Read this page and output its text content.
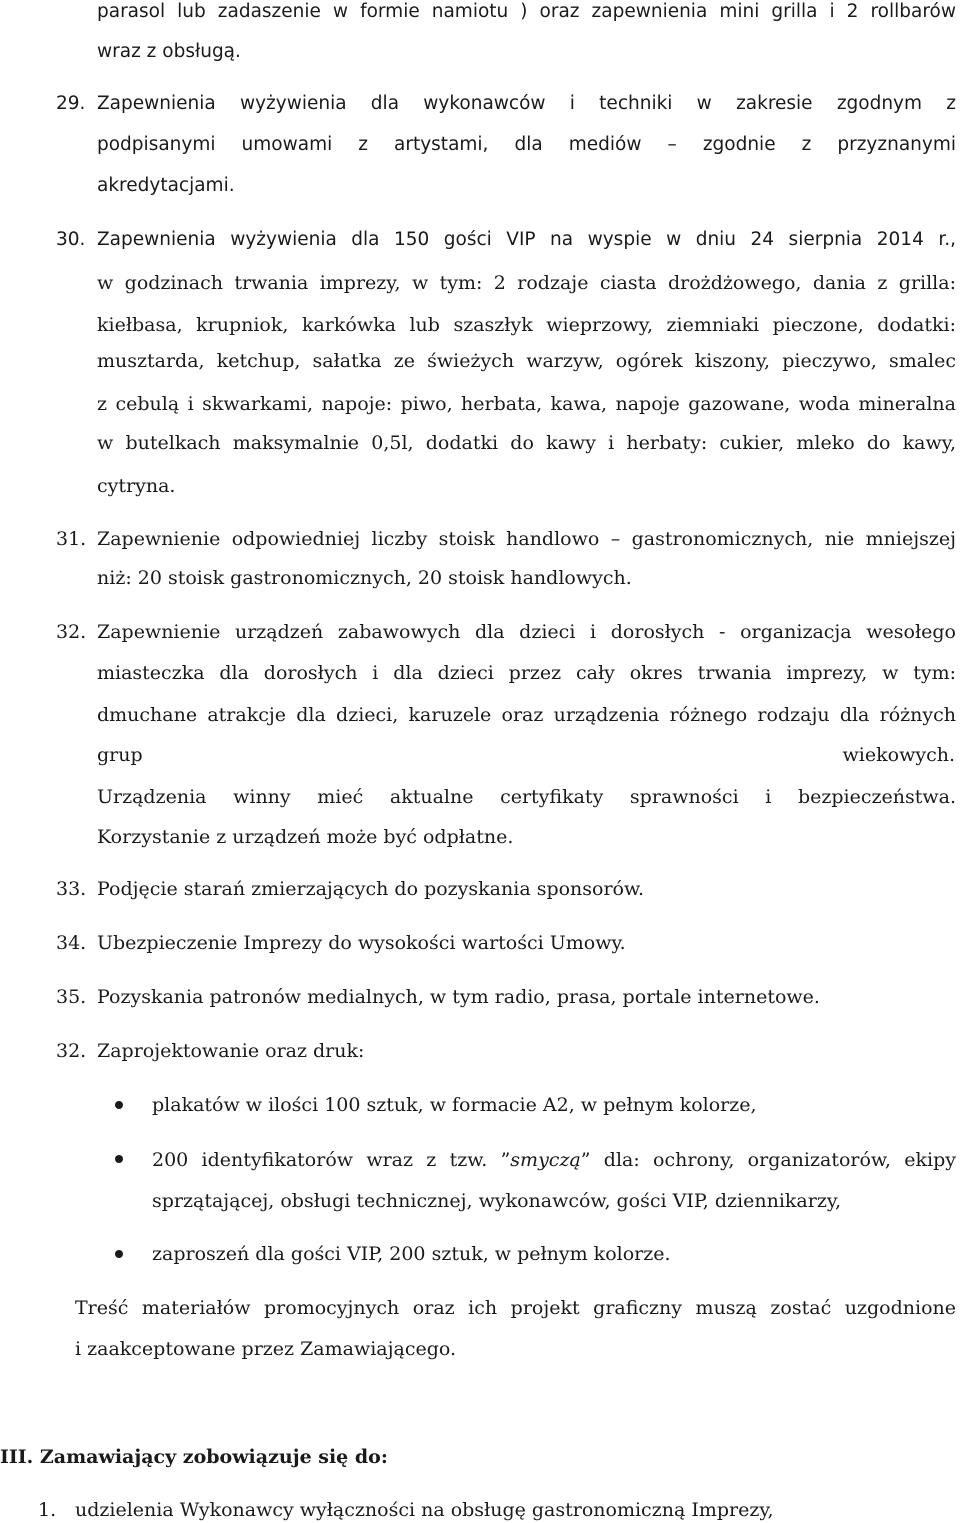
parasol lub zadaszenie w formie namiotu ) oraz zapewnienia mini grilla i 2 rollbarów
wraz z obsługą.
29. Zapewnienia wyżywienia dla wykonawców i techniki w zakresie zgodnym z
podpisanymi umowami z artystami, dla mediów – zgodnie z przyznanymi
akredytacjami.
30. Zapewnienia wyżywienia dla 150 gości VIP na wyspie w dniu 24 sierpnia 2014 r.,
w godzinach trwania imprezy, w tym: 2 rodzaje ciasta drożdżowego, dania z grilla:
kiełbasa, krupniok, karkówka lub szaszłyk wieprzowy, ziemniaki pieczone, dodatki:
musztarda, ketchup, sałatka ze świeżych warzyw, ogórek kiszony, pieczywo, smalec
z cebulą i skwarkami, napoje: piwo, herbata, kawa, napoje gazowane, woda mineralna
w butelkach maksymalnie 0,5l, dodatki do kawy i herbaty: cukier, mleko do kawy,
cytryna.
31. Zapewnienie odpowiedniej liczby stoisk handlowo – gastronomicznych, nie mniejszej
niż: 20 stoisk gastronomicznych, 20 stoisk handlowych.
32. Zapewnienie urządzeń zabawowych dla dzieci i dorosłych - organizacja wesołego
miasteczka dla dorosłych i dla dzieci przez cały okres trwania imprezy, w tym:
dmuchane atrakcje dla dzieci, karuzele oraz urządzenia różnego rodzaju dla różnych
grup	wiekowych.
Urządzenia winny mieć aktualne certyfikaty sprawności i bezpieczeństwa.
Korzystanie z urządzeń może być odpłatne.
33. Podjęcie starań zmierzających do pozyskania sponsorów.
34. Ubezpieczenie Imprezy do wysokości wartości Umowy.
35. Pozyskania patronów medialnych, w tym radio, prasa, portale internetowe.
32. Zaprojektowanie oraz druk:
plakatów w ilości 100 sztuk, w formacie A2, w pełnym kolorze,
200 identyfikatorów wraz z tzw. ”smyczą” dla: ochrony, organizatorów, ekipy
sprzątającej, obsługi technicznej, wykonawców, gości VIP, dziennikarzy,
zaproszeń dla gości VIP, 200 sztuk, w pełnym kolorze.
Treść materiałów promocyjnych oraz ich projekt graficzny muszą zostać uzgodnione
i zaakceptowane przez Zamawiającego.
III. Zamawiający zobowiązuje się do:
1. udzielenia Wykonawcy wyłączności na obsługę gastronomiczną Imprezy,
